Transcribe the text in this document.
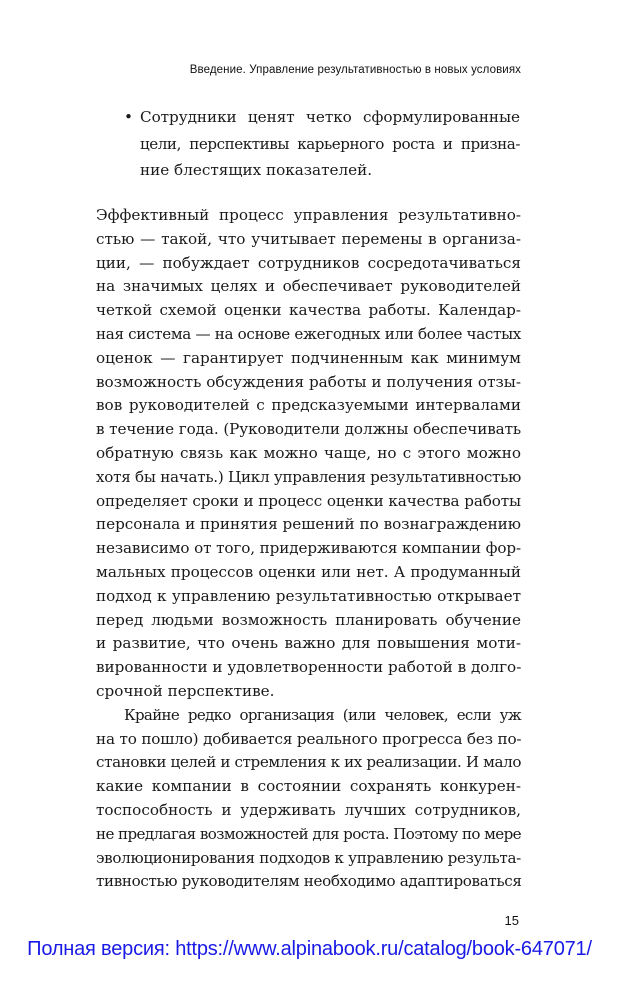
Введение. Управление результативностью в новых условиях
• Сотрудники ценят четко сформулированные
цели, перспективы карьерного роста и призна-
ние блестящих показателей.
Эффективный процесс управления результативно-
стью — такой, что учитывает перемены в организа-
ции, — побуждает сотрудников сосредотачиваться
на значимых целях и обеспечивает руководителей
четкой схемой оценки качества работы. Календар-
ная система — на основе ежегодных или более частых
оценок — гарантирует подчиненным как минимум
возможность обсуждения работы и получения отзы-
вов руководителей с предсказуемыми интервалами
в течение года. (Руководители должны обеспечивать
обратную связь как можно чаще, но с этого можно
хотя бы начать.) Цикл управления результативностью
определяет сроки и процесс оценки качества работы
персонала и принятия решений по вознаграждению
независимо от того, придерживаются компании фор-
мальных процессов оценки или нет. А продуманный
подход к управлению результативностью открывает
перед людьми возможность планировать обучение
и развитие, что очень важно для повышения моти-
вированности и удовлетворенности работой в долго-
срочной перспективе.
Крайне редко организация (или человек, если уж
на то пошло) добивается реального прогресса без по-
становки целей и стремления к их реализации. И мало
какие компании в состоянии сохранять конкурен-
тоспособность и удерживать лучших сотрудников,
не предлагая возможностей для роста. Поэтому по мере
эволюционирования подходов к управлению результа-
тивностью руководителям необходимо адаптироваться
15
Полная версия: https://www.alpinabook.ru/catalog/book-647071/
